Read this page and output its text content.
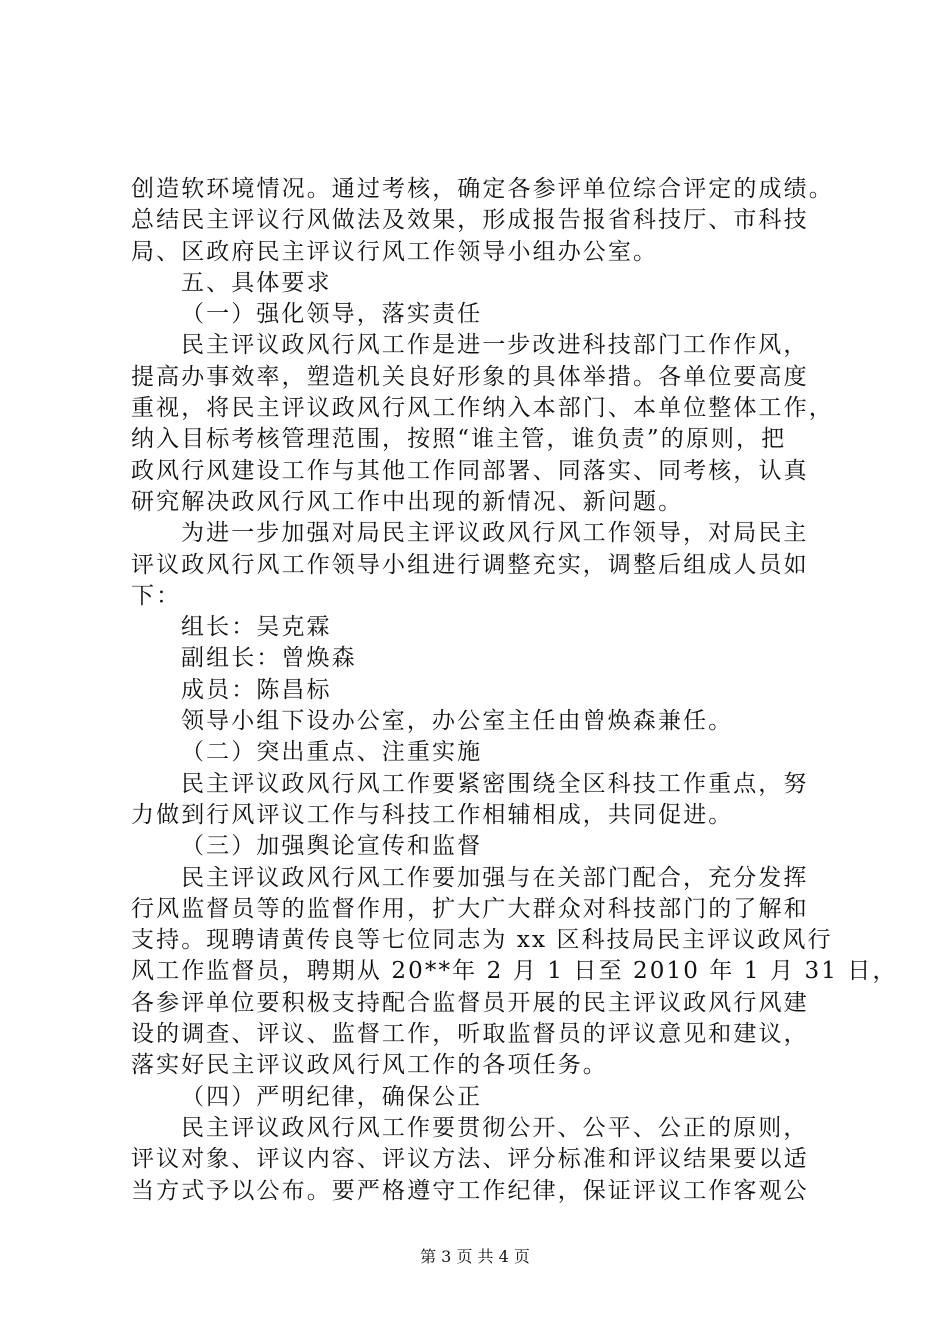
创造软环境情况。通过考核，确定各参评单位综合评定的成绩。
总结民主评议行风做法及效果，形成报告报省科技厅、市科技
局、区政府民主评议行风工作领导小组办公室。
五、具体要求
（一）强化领导，落实责任
民主评议政风行风工作是进一步改进科技部门工作作风，
提高办事效率，塑造机关良好形象的具体举措。各单位要高度
重视，将民主评议政风行风工作纳入本部门、本单位整体工作，
纳入目标考核管理范围，按照“谁主管，谁负责”的原则，把
政风行风建设工作与其他工作同部署、同落实、同考核，认真
研究解决政风行风工作中出现的新情况、新问题。
为进一步加强对局民主评议政风行风工作领导，对局民主
评议政风行风工作领导小组进行调整充实，调整后组成人员如
下：
组长：吴克霖
副组长：曾焕森
成员：陈昌标
领导小组下设办公室，办公室主任由曾焕森兼任。
（二）突出重点、注重实施
民主评议政风行风工作要紧密围绕全区科技工作重点，努
力做到行风评议工作与科技工作相辅相成，共同促进。
（三）加强舆论宣传和监督
民主评议政风行风工作要加强与在关部门配合，充分发挥
行风监督员等的监督作用，扩大广大群众对科技部门的了解和
支持。现聘请黄传良等七位同志为 xx 区科技局民主评议政风行
风工作监督员，聘期从 20**年 2 月 1 日至 2010 年 1 月 31 日，
各参评单位要积极支持配合监督员开展的民主评议政风行风建
设的调查、评议、监督工作，听取监督员的评议意见和建议，
落实好民主评议政风行风工作的各项任务。
（四）严明纪律，确保公正
民主评议政风行风工作要贯彻公开、公平、公正的原则，
评议对象、评议内容、评议方法、评分标准和评议结果要以适
当方式予以公布。要严格遵守工作纪律，保证评议工作客观公
第 3 页 共 4 页
